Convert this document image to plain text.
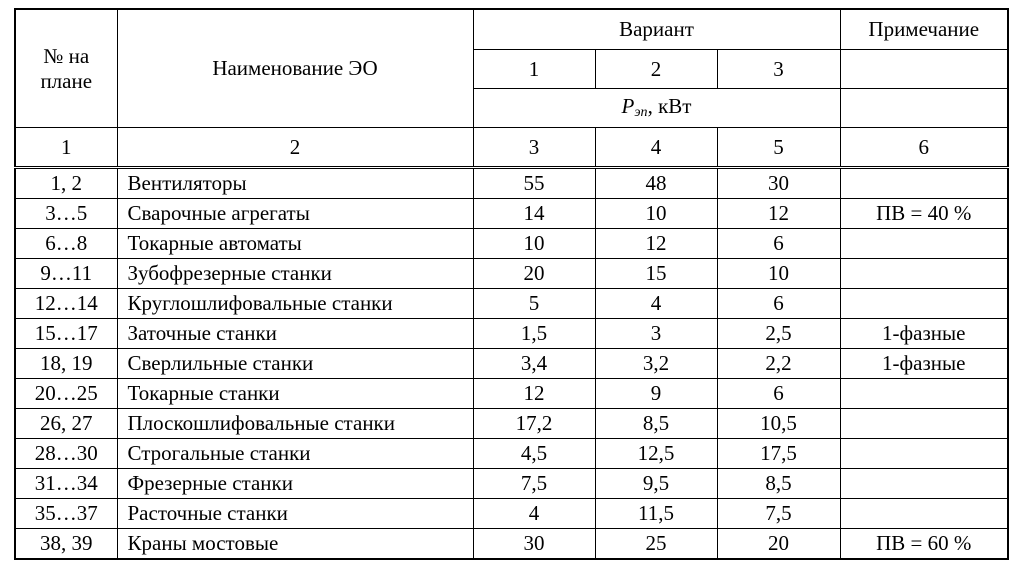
№ на плане	Наименование ЭО	Вариант			Примечание
		1	2	3	
		$P_{эп}$, кВт			
1	2	3	4	5	6
1, 2	Вентиляторы	55	48	30	
3…5	Сварочные агрегаты	14	10	12	ПВ = 40 %
6…8	Токарные автоматы	10	12	6	
9…11	Зубофрезерные станки	20	15	10	
12…14	Круглошлифовальные станки	5	4	6	
15…17	Заточные станки	1,5	3	2,5	1-фазные
18, 19	Сверлильные станки	3,4	3,2	2,2	1-фазные
20…25	Токарные станки	12	9	6	
26, 27	Плоскошлифовальные станки	17,2	8,5	10,5	
28…30	Строгальные станки	4,5	12,5	17,5	
31…34	Фрезерные станки	7,5	9,5	8,5	
35…37	Расточные станки	4	11,5	7,5	
38, 39	Краны мостовые	30	25	20	ПВ = 60 %
